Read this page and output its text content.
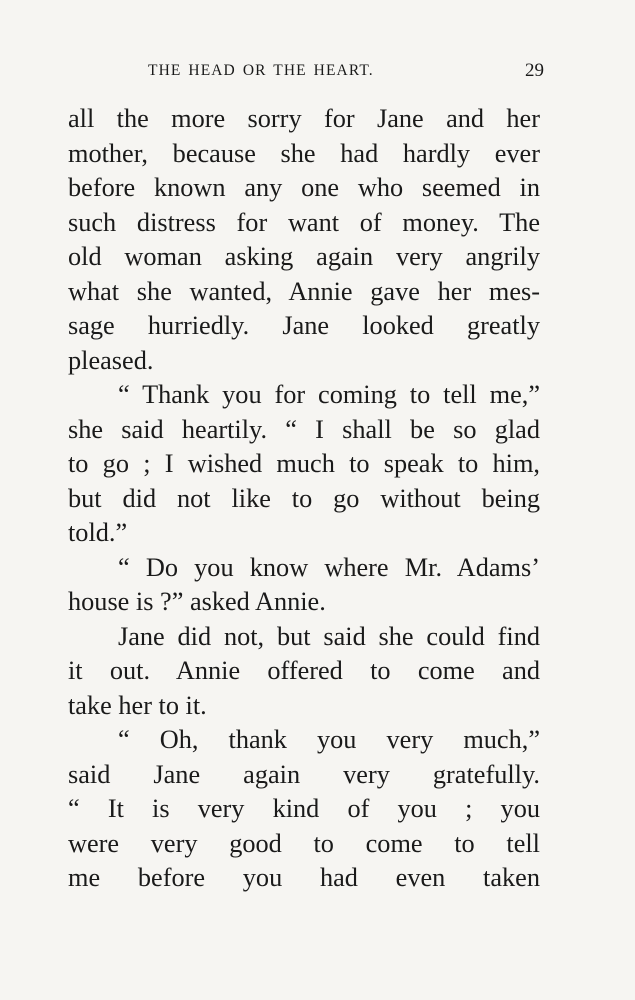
THE HEAD OR THE HEART.	29
all the more sorry for Jane and her
mother, because she had hardly ever
before known any one who seemed in
such distress for want of money. The
old woman asking again very angrily
what she wanted, Annie gave her mes-
sage hurriedly. Jane looked greatly
pleased.
“ Thank you for coming to tell me,”
she said heartily. “ I shall be so glad
to go ; I wished much to speak to him,
but did not like to go without being
told.”
“ Do you know where Mr. Adams’
house is ?” asked Annie.
Jane did not, but said she could find
it out. Annie offered to come and
take her to it.
“ Oh, thank you very much,”
said Jane again very gratefully.
“ It is very kind of you ; you
were very good to come to tell
me before you had even taken
